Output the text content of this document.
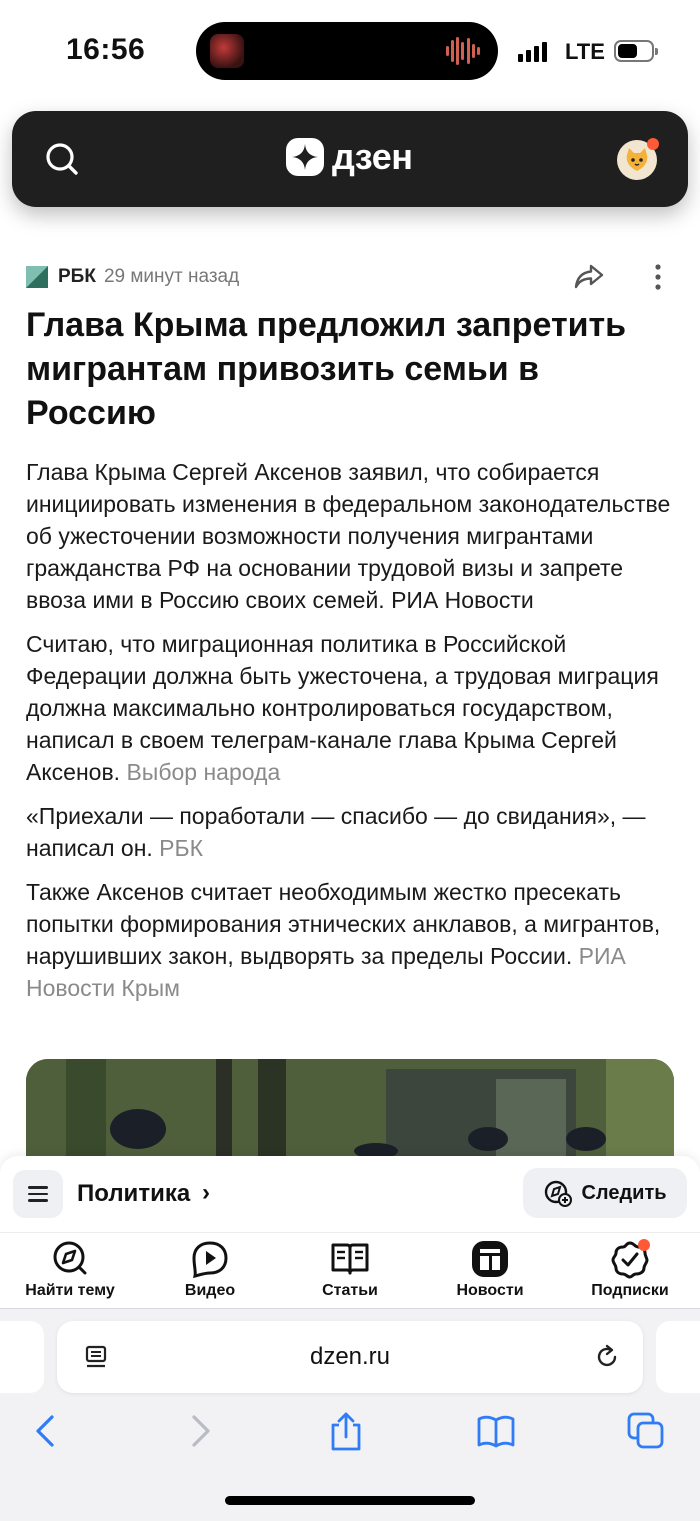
16:56	LTE
дзен
РБК 29 минут назад
Глава Крыма предложил запретить мигрантам привозить семьи в Россию

Глава Крыма Сергей Аксенов заявил, что собирается инициировать изменения в федеральном законодательстве об ужесточении возможности получения мигрантами гражданства РФ на основании трудовой визы и запрете ввоза ими в Россию своих семей. РИА Новости

Считаю, что миграционная политика в Российской Федерации должна быть ужесточена, а трудовая миграция должна максимально контролироваться государством, написал в своем телеграм-канале глава Крыма Сергей Аксенов. Выбор народа

«Приехали — поработали — спасибо — до свидания», — написал он. РБК

Также Аксенов считает необходимым жестко пресекать попытки формирования этнических анклавов, а мигрантов, нарушивших закон, выдворять за пределы России. РИА Новости Крым

Политика ›	Следить
Найти тему	Видео	Статьи	Новости	Подписки
dzen.ru
